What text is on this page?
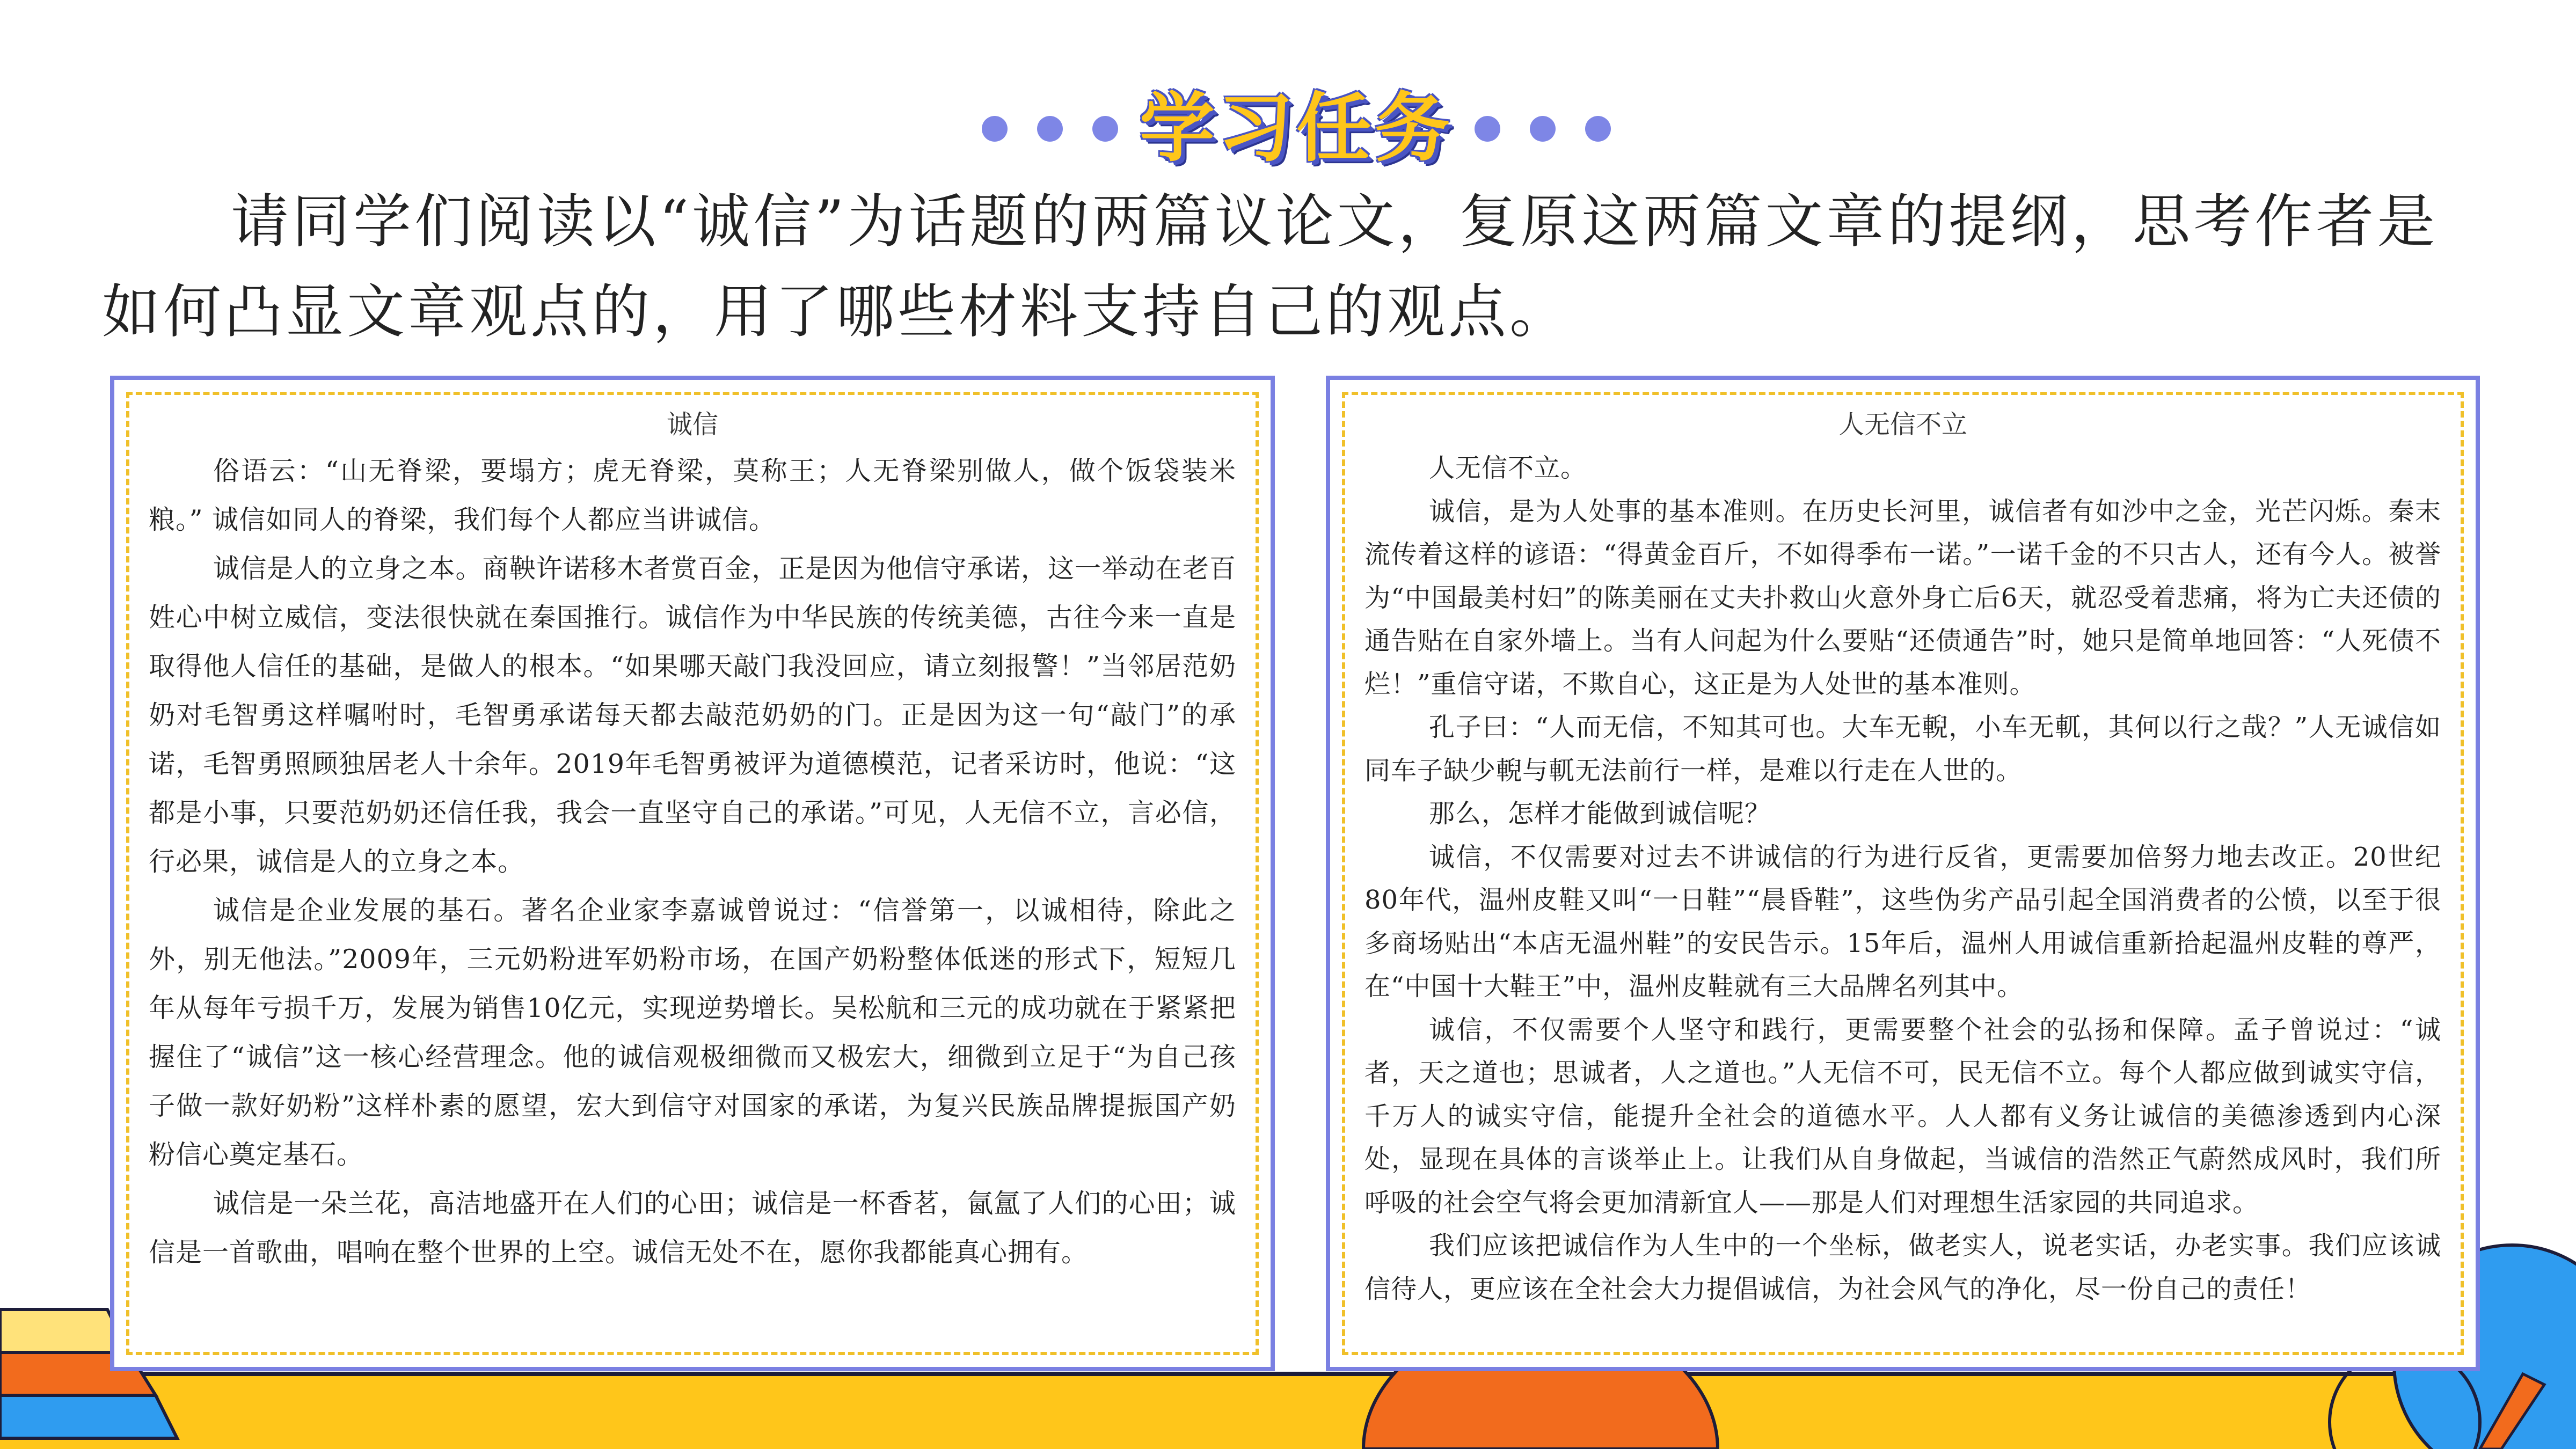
学习任务

请同学们阅读以“诚信”为话题的两篇议论文，复原这两篇文章的提纲，思考作者是如何凸显文章观点的，用了哪些材料支持自己的观点。

诚信

俗语云：“山无脊梁，要塌方；虎无脊梁，莫称王；人无脊梁别做人，做个饭袋装米粮。” 诚信如同人的脊梁，我们每个人都应当讲诚信。

诚信是人的立身之本。商鞅许诺移木者赏百金，正是因为他信守承诺，这一举动在老百姓心中树立威信，变法很快就在秦国推行。诚信作为中华民族的传统美德，古往今来一直是取得他人信任的基础，是做人的根本。“如果哪天敲门我没回应，请立刻报警！”当邻居范奶奶对毛智勇这样嘱咐时，毛智勇承诺每天都去敲范奶奶的门。正是因为这一句“敲门”的承诺，毛智勇照顾独居老人十余年。2019年毛智勇被评为道德模范，记者采访时，他说：“这都是小事，只要范奶奶还信任我，我会一直坚守自己的承诺。”可见，人无信不立，言必信，行必果，诚信是人的立身之本。

诚信是企业发展的基石。著名企业家李嘉诚曾说过：“信誉第一，以诚相待，除此之外，别无他法。”2009年，三元奶粉进军奶粉市场，在国产奶粉整体低迷的形式下，短短几年从每年亏损千万，发展为销售10亿元，实现逆势增长。吴松航和三元的成功就在于紧紧把握住了“诚信”这一核心经营理念。他的诚信观极细微而又极宏大，细微到立足于“为自己孩子做一款好奶粉”这样朴素的愿望，宏大到信守对国家的承诺，为复兴民族品牌提振国产奶粉信心奠定基石。

诚信是一朵兰花，高洁地盛开在人们的心田；诚信是一杯香茗，氤氲了人们的心田；诚信是一首歌曲，唱响在整个世界的上空。诚信无处不在，愿你我都能真心拥有。

人无信不立

人无信不立。

诚信，是为人处事的基本准则。在历史长河里，诚信者有如沙中之金，光芒闪烁。秦末流传着这样的谚语：“得黄金百斤，不如得季布一诺。”一诺千金的不只古人，还有今人。被誉为“中国最美村妇”的陈美丽在丈夫扑救山火意外身亡后6天，就忍受着悲痛，将为亡夫还债的通告贴在自家外墙上。当有人问起为什么要贴“还债通告”时，她只是简单地回答：“人死债不烂！”重信守诺，不欺自心，这正是为人处世的基本准则。

孔子曰：“人而无信，不知其可也。大车无輗，小车无軏，其何以行之哉？”人无诚信如同车子缺少輗与軏无法前行一样，是难以行走在人世的。

那么，怎样才能做到诚信呢？

诚信，不仅需要对过去不讲诚信的行为进行反省，更需要加倍努力地去改正。20世纪80年代，温州皮鞋又叫“一日鞋”“晨昏鞋”，这些伪劣产品引起全国消费者的公愤，以至于很多商场贴出“本店无温州鞋”的安民告示。15年后，温州人用诚信重新拾起温州皮鞋的尊严，在“中国十大鞋王”中，温州皮鞋就有三大品牌名列其中。

诚信，不仅需要个人坚守和践行，更需要整个社会的弘扬和保障。孟子曾说过：“诚者，天之道也；思诚者，人之道也。”人无信不可，民无信不立。每个人都应做到诚实守信，千万人的诚实守信，能提升全社会的道德水平。人人都有义务让诚信的美德渗透到内心深处，显现在具体的言谈举止上。让我们从自身做起，当诚信的浩然正气蔚然成风时，我们所呼吸的社会空气将会更加清新宜人——那是人们对理想生活家园的共同追求。

我们应该把诚信作为人生中的一个坐标，做老实人，说老实话，办老实事。我们应该诚信待人，更应该在全社会大力提倡诚信，为社会风气的净化，尽一份自己的责任！
